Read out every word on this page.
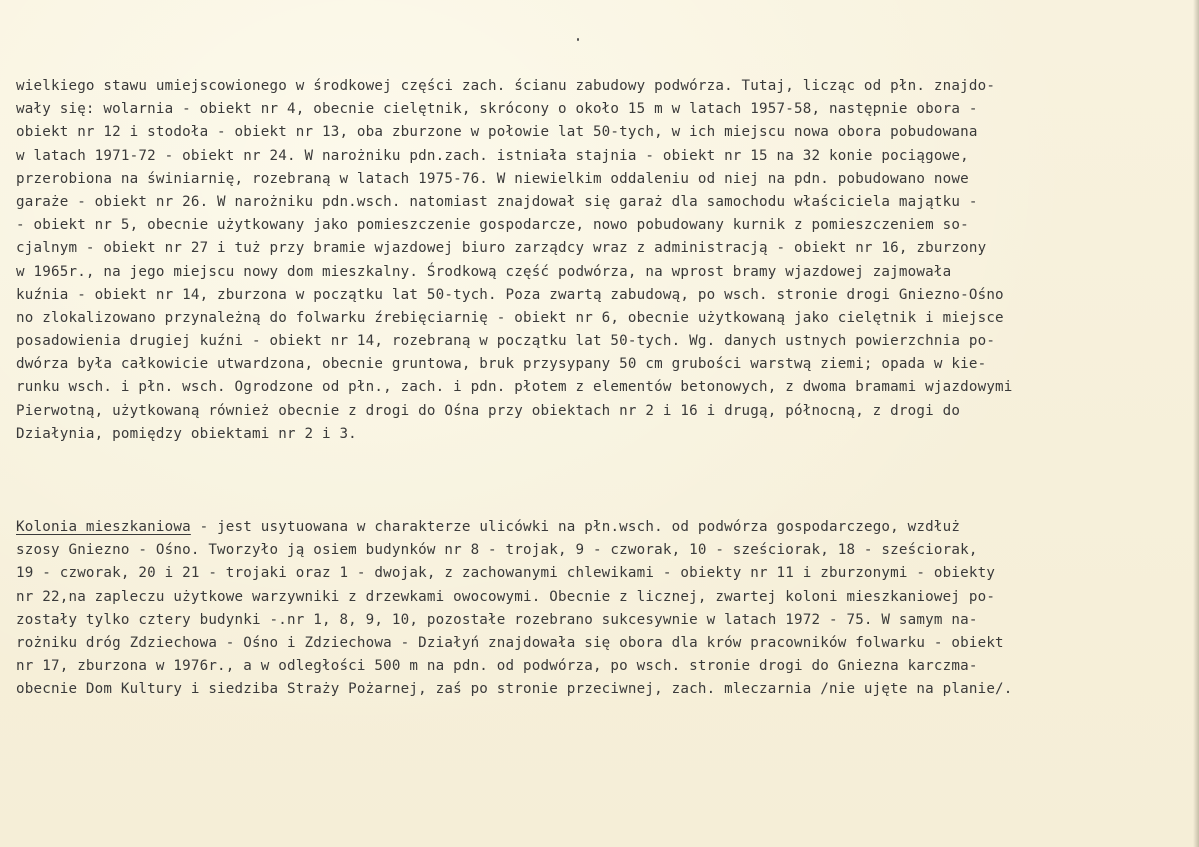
wielkiego stawu umiejscowionego w środkowej części zach. ścianu zabudowy podwórza. Tutaj, licząc od płn. znajdo-
wały się: wolarnia - obiekt nr 4, obecnie cielętnik, skrócony o około 15 m w latach 1957-58, następnie obora -
obiekt nr 12 i stodoła - obiekt nr 13, oba zburzone w połowie lat 50-tych, w ich miejscu nowa obora pobudowana
w latach 1971-72 - obiekt nr 24. W narożniku pdn.zach. istniała stajnia - obiekt nr 15 na 32 konie pociągowe,
przerobiona na świniarnię, rozebraną w latach 1975-76. W niewielkim oddaleniu od niej na pdn. pobudowano nowe
garaże - obiekt nr 26. W narożniku pdn.wsch. natomiast znajdował się garaż dla samochodu właściciela majątku -
- obiekt nr 5, obecnie użytkowany jako pomieszczenie gospodarcze, nowo pobudowany kurnik z pomieszczeniem so-
cjalnym - obiekt nr 27 i tuż przy bramie wjazdowej biuro zarządcy wraz z administracją - obiekt nr 16, zburzony
w 1965r., na jego miejscu nowy dom mieszkalny. Środkową część podwórza, na wprost bramy wjazdowej zajmowała
kuźnia - obiekt nr 14, zburzona w początku lat 50-tych. Poza zwartą zabudową, po wsch. stronie drogi Gniezno-Ośno
no zlokalizowano przynależną do folwarku źrebięciarnię - obiekt nr 6, obecnie użytkowaną jako cielętnik i miejsce
posadowienia drugiej kuźni - obiekt nr 14, rozebraną w początku lat 50-tych. Wg. danych ustnych powierzchnia po-
dwórza była całkowicie utwardzona, obecnie gruntowa, bruk przysypany 50 cm grubości warstwą ziemi; opada w kie-
runku wsch. i płn. wsch. Ogrodzone od płn., zach. i pdn. płotem z elementów betonowych, z dwoma bramami wjazdowymi
Pierwotną, użytkowaną również obecnie z drogi do Ośna przy obiektach nr 2 i 16 i drugą, północną, z drogi do
Działynia, pomiędzy obiektami nr 2 i 3.
Kolonia mieszkaniowa - jest usytuowana w charakterze ulicówki na płn.wsch. od podwórza gospodarczego, wzdłuż
szosy Gniezno - Ośno. Tworzyło ją osiem budynków nr 8 - trojak, 9 - czworak, 10 - sześciorak, 18 - sześciorak,
19 - czworak, 20 i 21 - trojaki oraz 1 - dwojak, z zachowanymi chlewikami - obiekty nr 11 i zburzonymi - obiekty
nr 22,na zapleczu użytkowe warzywniki z drzewkami owocowymi. Obecnie z licznej, zwartej koloni mieszkaniowej po-
zostały tylko cztery budynki -.nr 1, 8, 9, 10, pozostałe rozebrano sukcesywnie w latach 1972 - 75. W samym na-
rożniku dróg Zdziechowa - Ośno i Zdziechowa - Działyń znajdowała się obora dla krów pracowników folwarku - obiekt
nr 17, zburzona w 1976r., a w odległości 500 m na pdn. od podwórza, po wsch. stronie drogi do Gniezna karczma-
obecnie Dom Kultury i siedziba Straży Pożarnej, zaś po stronie przeciwnej, zach. mleczarnia /nie ujęte na planie/.
